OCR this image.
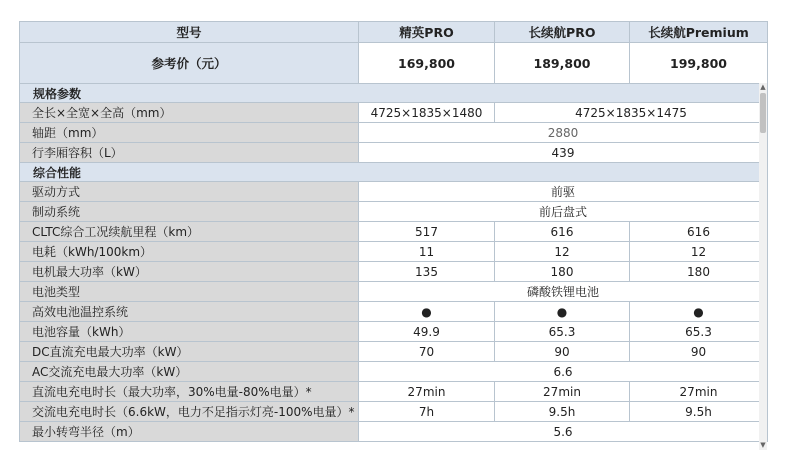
型号	精英PRO	长续航PRO	长续航Premium
参考价（元）	169,800	189,800	199,800
规格参数			
全长×全宽×全高（mm）	4725×1835×1480	4725×1835×1475	
轴距（mm）	2880		
行李厢容积（L）	439		
综合性能			
驱动方式	前驱		
制动系统	前后盘式		
CLTC综合工况续航里程（km）	517	616	616
电耗（kWh/100km）	11	12	12
电机最大功率（kW）	135	180	180
电池类型	磷酸铁锂电池		
高效电池温控系统	●	●	●
电池容量（kWh）	49.9	65.3	65.3
DC直流充电最大功率（kW）	70	90	90
AC交流充电最大功率（kW）	6.6		
直流电充电时长（最大功率，30%电量-80%电量）*	27min	27min	27min
交流电充电时长（6.6kW，电力不足指示灯亮-100%电量）*	7h	9.5h	9.5h
最小转弯半径（m）	5.6		
▲
▼
